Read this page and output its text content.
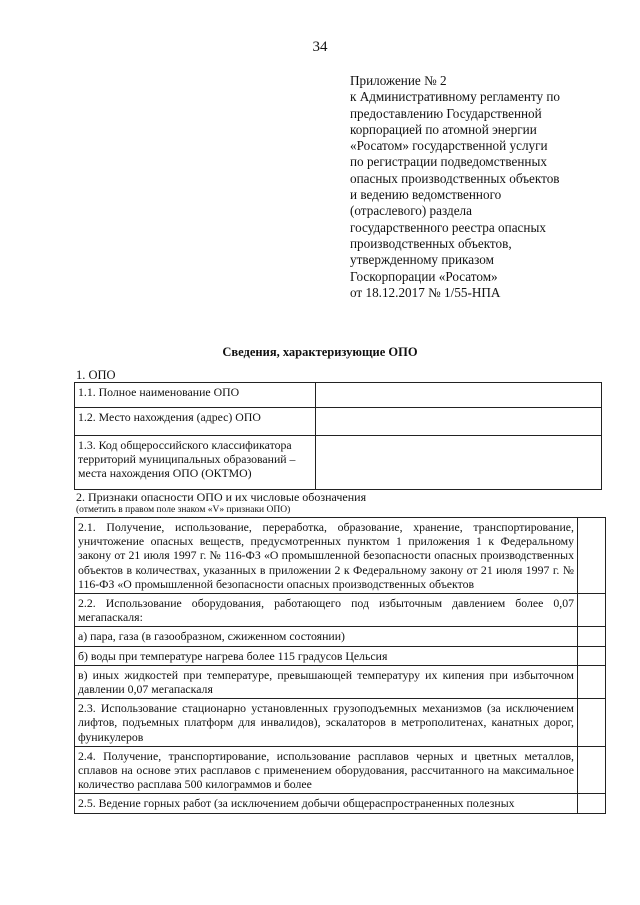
34
Приложение № 2
к Административному регламенту по
предоставлению Государственной
корпорацией по атомной энергии
«Росатом» государственной услуги
по регистрации подведомственных
опасных производственных объектов
и ведению ведомственного
(отраслевого) раздела
государственного реестра опасных
производственных объектов,
утвержденному приказом
Госкорпорации «Росатом»
от 18.12.2017 № 1/55-НПА
Сведения, характеризующие ОПО
1. ОПО
1.1. Полное наименование ОПО	
1.2. Место нахождения (адрес) ОПО	
1.3. Код общероссийского классификатора территорий муниципальных образований – места нахождения ОПО (ОКТМО)	
2. Признаки опасности ОПО и их числовые обозначения
(отметить в правом поле знаком «V» признаки ОПО)
2.1. Получение, использование, переработка, образование, хранение, транспортирование, уничтожение опасных веществ, предусмотренных пунктом 1 приложения 1 к Федеральному закону от 21 июля 1997 г. № 116-ФЗ «О промышленной безопасности опасных производственных объектов в количествах, указанных в приложении 2 к Федеральному закону от 21 июля 1997 г. № 116-ФЗ «О промышленной безопасности опасных производственных объектов	
2.2. Использование оборудования, работающего под избыточным давлением более 0,07 мегапаскаля:	
а) пара, газа (в газообразном, сжиженном состоянии)	
б) воды при температуре нагрева более 115 градусов Цельсия	
в) иных жидкостей при температуре, превышающей температуру их кипения при избыточном давлении 0,07 мегапаскаля	
2.3. Использование стационарно установленных грузоподъемных механизмов (за исключением лифтов, подъемных платформ для инвалидов), эскалаторов в метрополитенах, канатных дорог, фуникулеров	
2.4. Получение, транспортирование, использование расплавов черных и цветных металлов, сплавов на основе этих расплавов с применением оборудования, рассчитанного на максимальное количество расплава 500 килограммов и более	
2.5. Ведение горных работ (за исключением добычи общераспространенных полезных	
